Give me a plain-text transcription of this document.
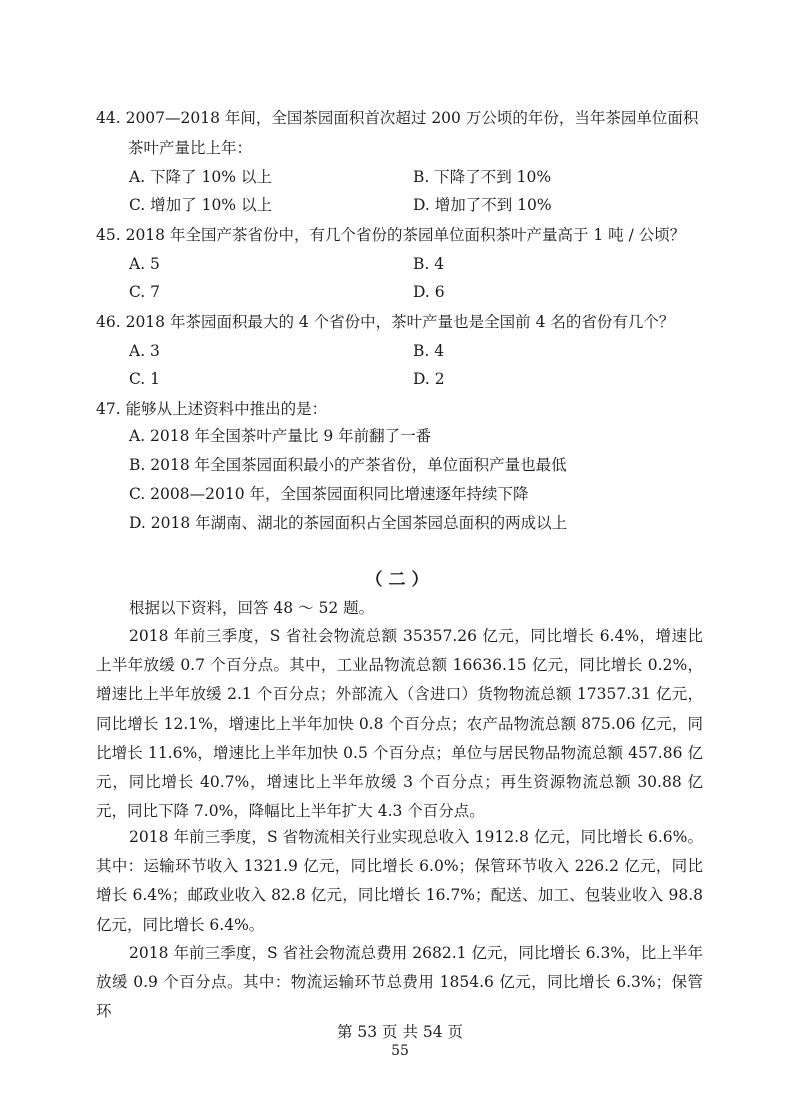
44. 2007—2018 年间，全国茶园面积首次超过 200 万公顷的年份，当年茶园单位面积茶叶产量比上年：
A. 下降了 10% 以上	B. 下降了不到 10%
C. 增加了 10% 以上	D. 增加了不到 10%
45. 2018 年全国产茶省份中，有几个省份的茶园单位面积茶叶产量高于 1 吨 / 公顷？
A. 5	B. 4
C. 7	D. 6
46. 2018 年茶园面积最大的 4 个省份中，茶叶产量也是全国前 4 名的省份有几个？
A. 3	B. 4
C. 1	D. 2
47. 能够从上述资料中推出的是：
A. 2018 年全国茶叶产量比 9 年前翻了一番
B. 2018 年全国茶园面积最小的产茶省份，单位面积产量也最低
C. 2008—2010 年，全国茶园面积同比增速逐年持续下降
D. 2018 年湖南、湖北的茶园面积占全国茶园总面积的两成以上
（二）
根据以下资料，回答 48 ～ 52 题。
2018 年前三季度，S 省社会物流总额 35357.26 亿元，同比增长 6.4%，增速比上半年放缓 0.7 个百分点。其中，工业品物流总额 16636.15 亿元，同比增长 0.2%，增速比上半年放缓 2.1 个百分点；外部流入（含进口）货物物流总额 17357.31 亿元，同比增长 12.1%，增速比上半年加快 0.8 个百分点；农产品物流总额 875.06 亿元，同比增长 11.6%，增速比上半年加快 0.5 个百分点；单位与居民物品物流总额 457.86 亿元，同比增长 40.7%，增速比上半年放缓 3 个百分点；再生资源物流总额 30.88 亿元，同比下降 7.0%，降幅比上半年扩大 4.3 个百分点。
2018 年前三季度，S 省物流相关行业实现总收入 1912.8 亿元，同比增长 6.6%。其中：运输环节收入 1321.9 亿元，同比增长 6.0%；保管环节收入 226.2 亿元，同比增长 6.4%；邮政业收入 82.8 亿元，同比增长 16.7%；配送、加工、包装业收入 98.8 亿元，同比增长 6.4%。
2018 年前三季度，S 省社会物流总费用 2682.1 亿元，同比增长 6.3%，比上半年放缓 0.9 个百分点。其中：物流运输环节总费用 1854.6 亿元，同比增长 6.3%；保管环
第 53 页 共 54 页
55
